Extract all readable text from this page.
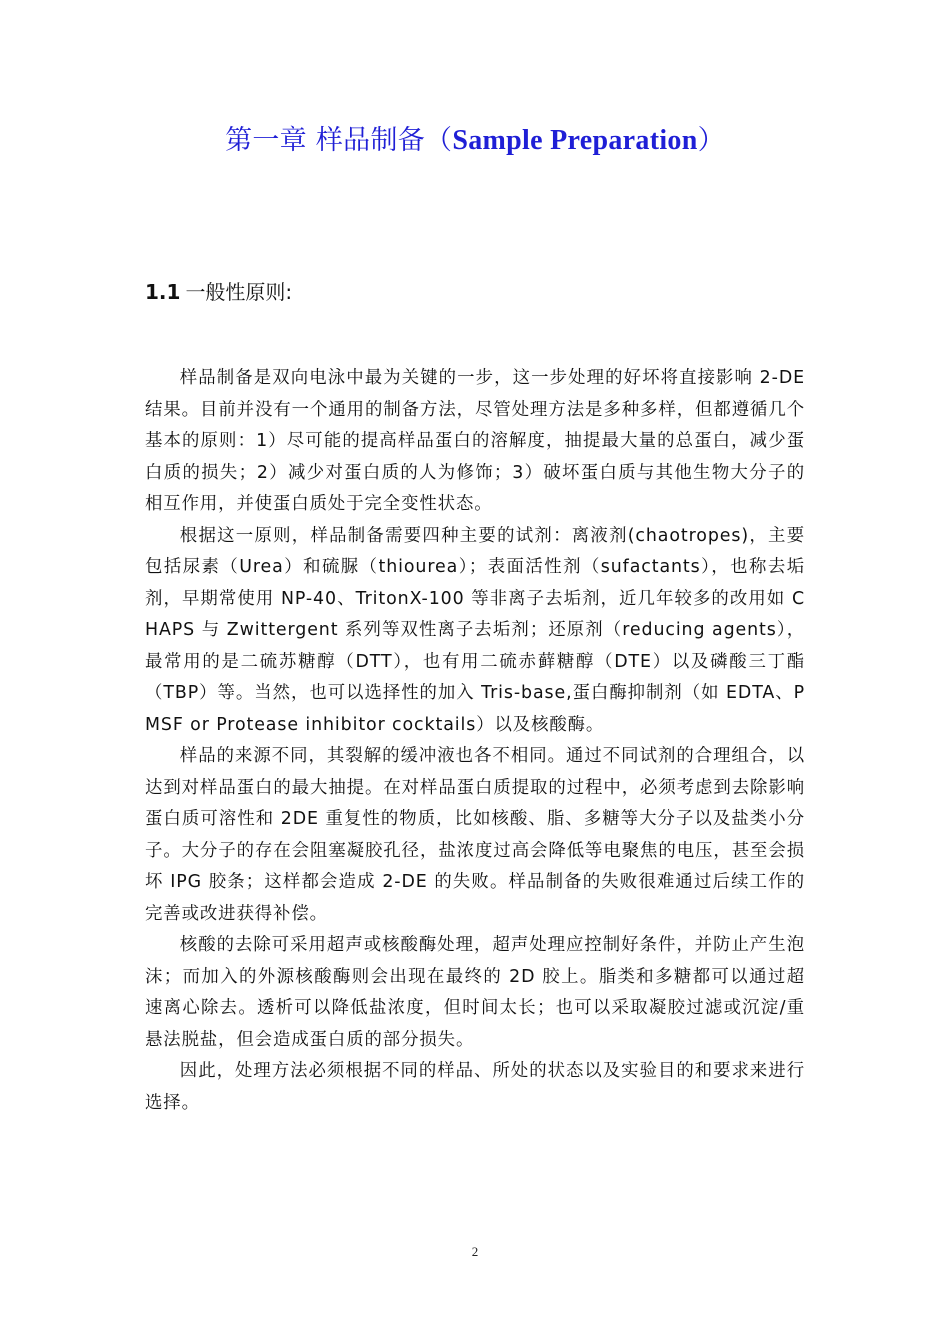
第一章 样品制备（Sample Preparation）
1.1 一般性原则:

样品制备是双向电泳中最为关键的一步，这一步处理的好坏将直接影响 2-DE 结果。目前并没有一个通用的制备方法，尽管处理方法是多种多样，但都遵循几个基本的原则：1）尽可能的提高样品蛋白的溶解度，抽提最大量的总蛋白，减少蛋白质的损失；2）减少对蛋白质的人为修饰；3）破坏蛋白质与其他生物大分子的相互作用，并使蛋白质处于完全变性状态。

根据这一原则，样品制备需要四种主要的试剂：离液剂(chaotropes)，主要包括尿素（Urea）和硫脲（thiourea）；表面活性剂（sufactants），也称去垢剂，早期常使用 NP-40、TritonX-100 等非离子去垢剂，近几年较多的改用如 CHAPS 与 Zwittergent 系列等双性离子去垢剂；还原剂（reducing agents），最常用的是二硫苏糖醇（DTT），也有用二硫赤藓糖醇（DTE）以及磷酸三丁酯（TBP）等。当然，也可以选择性的加入 Tris-base,蛋白酶抑制剂（如 EDTA、PMSF or Protease inhibitor cocktails）以及核酸酶。

样品的来源不同，其裂解的缓冲液也各不相同。通过不同试剂的合理组合，以达到对样品蛋白的最大抽提。在对样品蛋白质提取的过程中，必须考虑到去除影响蛋白质可溶性和 2DE 重复性的物质，比如核酸、脂、多糖等大分子以及盐类小分子。大分子的存在会阻塞凝胶孔径，盐浓度过高会降低等电聚焦的电压，甚至会损坏 IPG 胶条；这样都会造成 2-DE 的失败。样品制备的失败很难通过后续工作的完善或改进获得补偿。

核酸的去除可采用超声或核酸酶处理，超声处理应控制好条件，并防止产生泡沫；而加入的外源核酸酶则会出现在最终的 2D 胶上。脂类和多糖都可以通过超速离心除去。透析可以降低盐浓度，但时间太长；也可以采取凝胶过滤或沉淀/重悬法脱盐，但会造成蛋白质的部分损失。

因此，处理方法必须根据不同的样品、所处的状态以及实验目的和要求来进行选择。

2
